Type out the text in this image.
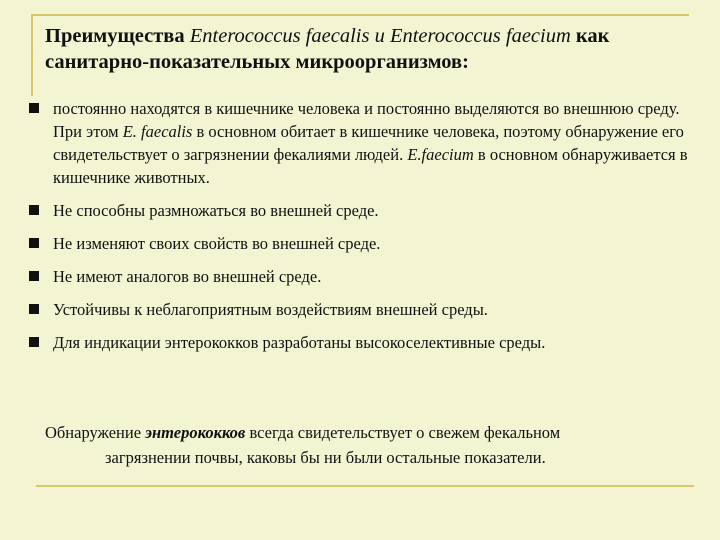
Преимущества Enterococcus faecalis и Enterococcus faecium как санитарно-показательных микроорганизмов:
постоянно находятся в кишечнике человека и постоянно выделяются во внешнюю среду. При этом E. faecalis в основном обитает в кишечнике человека, поэтому обнаружение его свидетельствует о загрязнении фекалиями людей. E.faecium в основном обнаруживается в кишечнике животных.
Не способны размножаться во внешней среде.
Не изменяют своих свойств во внешней среде.
Не имеют аналогов во внешней среде.
Устойчивы к неблагоприятным воздействиям внешней среды.
Для индикации энтерококков разработаны высокоселективные среды.
Обнаружение энтерококков всегда свидетельствует о свежем фекальном
загрязнении почвы, каковы бы ни были остальные показатели.
